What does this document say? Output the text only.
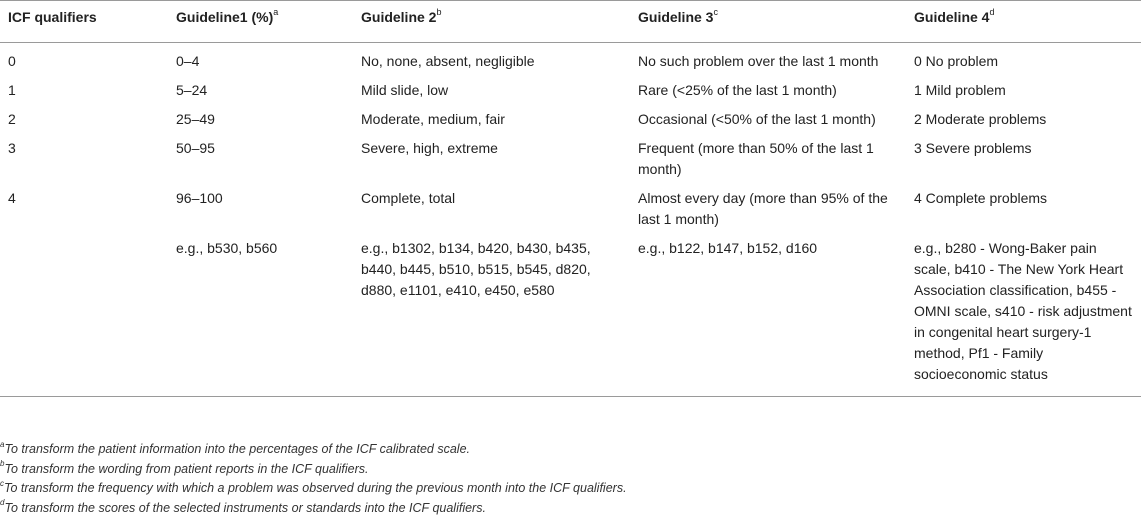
ICF qualifiers	Guideline1 (%)$^a$	Guideline 2$^b$	Guideline 3$^c$	Guideline 4$^d$
0	0–4	No, none, absent, negligible	No such problem over the last 1 month	0 No problem
1	5–24	Mild slide, low	Rare (<25% of the last 1 month)	1 Mild problem
2	25–49	Moderate, medium, fair	Occasional (<50% of the last 1 month)	2 Moderate problems
3	50–95	Severe, high, extreme	Frequent (more than 50% of the last 1 month)	3 Severe problems
4	96–100	Complete, total	Almost every day (more than 95% of the last 1 month)	4 Complete problems
	e.g., b530, b560	e.g., b1302, b134, b420, b430, b435, b440, b445, b510, b515, b545, d820, d880, e1101, e410, e450, e580	e.g., b122, b147, b152, d160	e.g., b280 - Wong-Baker pain scale, b410 - The New York Heart Association classification, b455 - OMNI scale, s410 - risk adjustment in congenital heart surgery-1 method, Pf1 - Family socioeconomic status
$^a$To transform the patient information into the percentages of the ICF calibrated scale.
$^b$To transform the wording from patient reports in the ICF qualifiers.
$^c$To transform the frequency with which a problem was observed during the previous month into the ICF qualifiers.
$^d$To transform the scores of the selected instruments or standards into the ICF qualifiers.
